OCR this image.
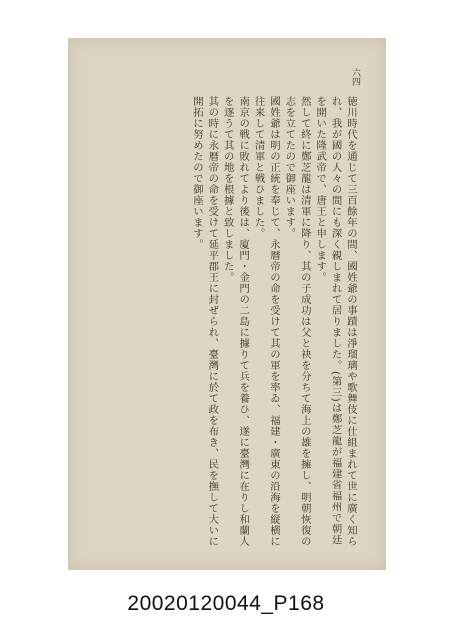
六四

徳川時代を通じて三百餘年の間、國姓爺の事蹟は淨瑠璃や歌舞伎に仕組まれて世に廣く知られ、我が國の人々の間にも深く親しまれて居りました。(第三)は鄭芝龍が福建省福州で朝廷を開いた隆武帝で、唐王と申します。

然して終に鄭芝龍は清軍に降り、其の子成功は父と袂を分ちて海上の雄を擁し、明朝恢復の志を立てたので御座います。

國姓爺は明の正統を奉じて、永暦帝の命を受けて其の軍を率ゐ、福建・廣東の沿海を縦横に往来して清軍と戦ひました。

南京の戦に敗れてより後は、廈門・金門の二島に據りて兵を養ひ、遂に臺灣に在りし和蘭人を逐うて其の地を根據と致しました。

其の時に永暦帝の命を受けて延平郡王に封ぜられ、臺灣に於て政を布き、民を撫して大いに開拓に努めたので御座います。

20020120044_P168
